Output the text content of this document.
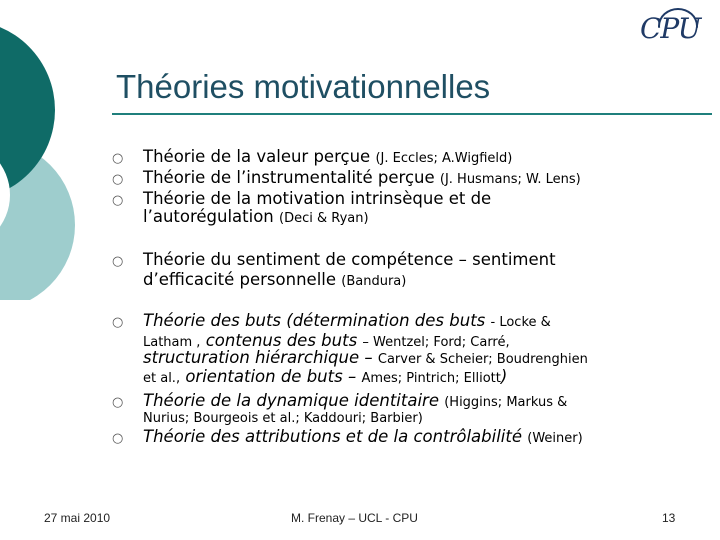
CPU
Théories motivationnelles
○
○
○
○
○
○
○
Théorie de la valeur perçue (J. Eccles; A.Wigfield)
Théorie de l’instrumentalité perçue (J. Husmans; W. Lens)
Théorie de la motivation intrinsèque et de
l’autorégulation (Deci & Ryan)
Théorie du sentiment de compétence – sentiment
d’efficacité personnelle (Bandura)
Théorie des buts (détermination des buts - Locke &
Latham , contenus des buts – Wentzel; Ford; Carré,
structuration hiérarchique – Carver & Scheier; Boudrenghien
et al., orientation de buts – Ames; Pintrich; Elliott)
Théorie de la dynamique identitaire (Higgins; Markus &
Nurius; Bourgeois et al.; Kaddouri; Barbier)
Théorie des attributions et de la contrôlabilité (Weiner)
27 mai 2010	M. Frenay – UCL - CPU	13
